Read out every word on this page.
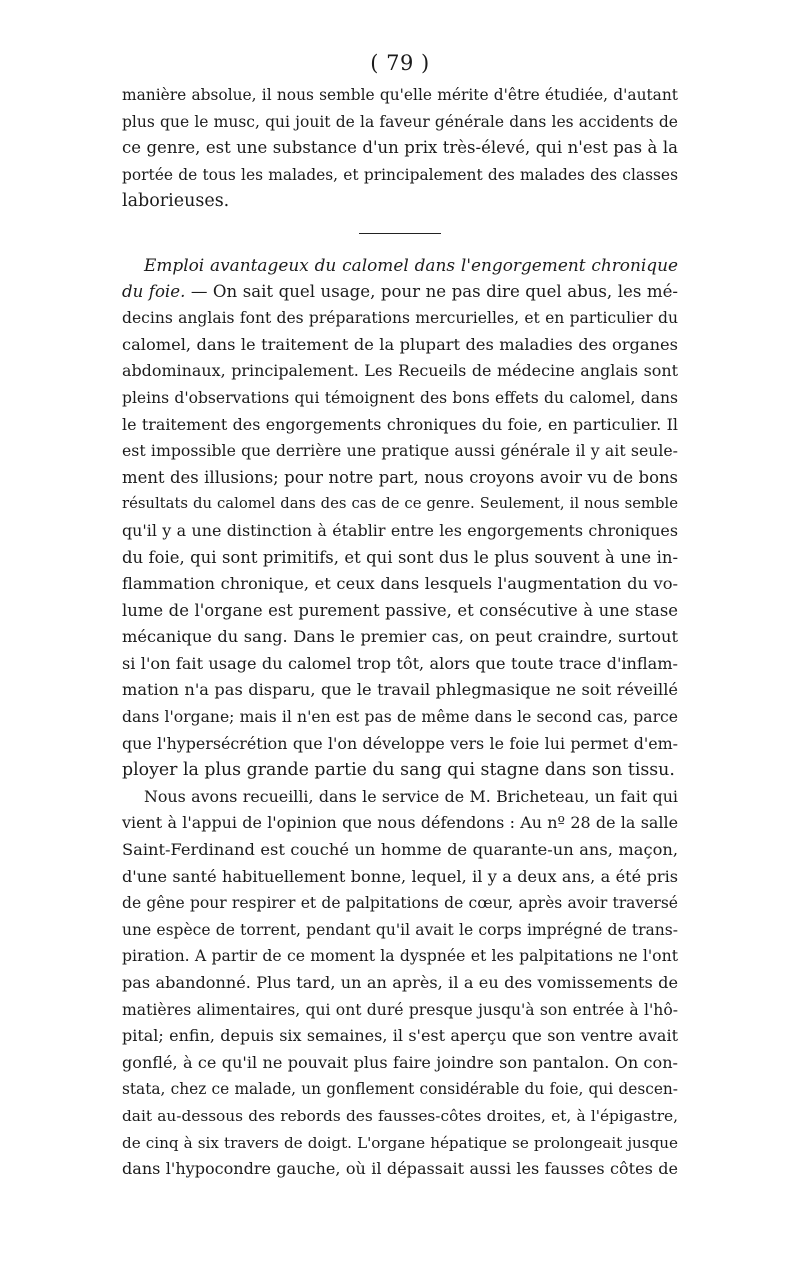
( 79 )
manière absolue, il nous semble qu'elle mérite d'être étudiée, d'autant
plus que le musc, qui jouit de la faveur générale dans les accidents de
ce genre, est une substance d'un prix très-élevé, qui n'est pas à la
portée de tous les malades, et principalement des malades des classes
laborieuses.
Emploi avantageux du calomel dans l'engorgement chronique
du foie. — On sait quel usage, pour ne pas dire quel abus, les mé-
decins anglais font des préparations mercurielles, et en particulier du
calomel, dans le traitement de la plupart des maladies des organes
abdominaux, principalement. Les Recueils de médecine anglais sont
pleins d'observations qui témoignent des bons effets du calomel, dans
le traitement des engorgements chroniques du foie, en particulier. Il
est impossible que derrière une pratique aussi générale il y ait seule-
ment des illusions; pour notre part, nous croyons avoir vu de bons
résultats du calomel dans des cas de ce genre. Seulement, il nous semble
qu'il y a une distinction à établir entre les engorgements chroniques
du foie, qui sont primitifs, et qui sont dus le plus souvent à une in-
flammation chronique, et ceux dans lesquels l'augmentation du vo-
lume de l'organe est purement passive, et consécutive à une stase
mécanique du sang. Dans le premier cas, on peut craindre, surtout
si l'on fait usage du calomel trop tôt, alors que toute trace d'inflam-
mation n'a pas disparu, que le travail phlegmasique ne soit réveillé
dans l'organe; mais il n'en est pas de même dans le second cas, parce
que l'hypersécrétion que l'on développe vers le foie lui permet d'em-
ployer la plus grande partie du sang qui stagne dans son tissu.
Nous avons recueilli, dans le service de M. Bricheteau, un fait qui
vient à l'appui de l'opinion que nous défendons : Au nº 28 de la salle
Saint-Ferdinand est couché un homme de quarante-un ans, maçon,
d'une santé habituellement bonne, lequel, il y a deux ans, a été pris
de gêne pour respirer et de palpitations de cœur, après avoir traversé
une espèce de torrent, pendant qu'il avait le corps imprégné de trans-
piration. A partir de ce moment la dyspnée et les palpitations ne l'ont
pas abandonné. Plus tard, un an après, il a eu des vomissements de
matières alimentaires, qui ont duré presque jusqu'à son entrée à l'hô-
pital; enfin, depuis six semaines, il s'est aperçu que son ventre avait
gonflé, à ce qu'il ne pouvait plus faire joindre son pantalon. On con-
stata, chez ce malade, un gonflement considérable du foie, qui descen-
dait au-dessous des rebords des fausses-côtes droites, et, à l'épigastre,
de cinq à six travers de doigt. L'organe hépatique se prolongeait jusque
dans l'hypocondre gauche, où il dépassait aussi les fausses côtes de
